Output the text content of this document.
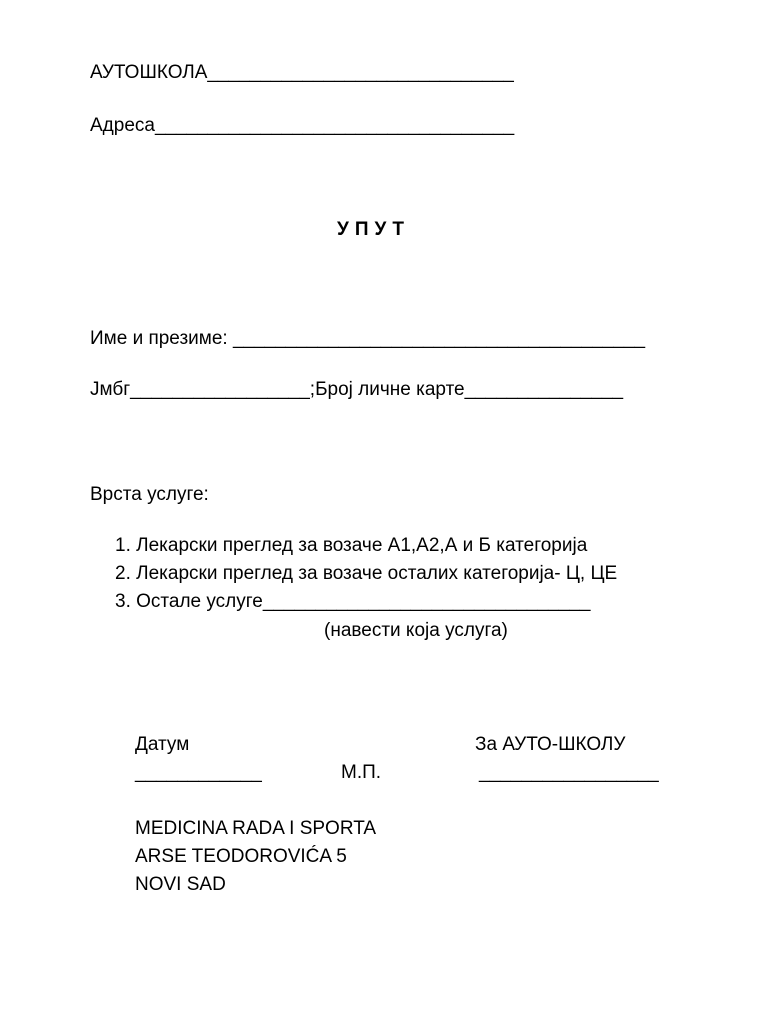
АУТОШКОЛА_____________________________
Адреса__________________________________
У П У Т
Име и презиме: _______________________________________
Јмбг_________________;Број личне карте_______________
Врста услуге:
1. Лекарски преглед за возаче А1,А2,А и Б категорија
2. Лекарски преглед за возаче осталих категорија- Ц, ЦЕ
3. Остале услуге_______________________________
(навести која услуга)
Датум	За АУТО-ШКОЛУ
____________	М.П.	_________________
MEDICINA RADA I SPORTA
ARSE TEODOROVIĆA 5
NOVI SAD
